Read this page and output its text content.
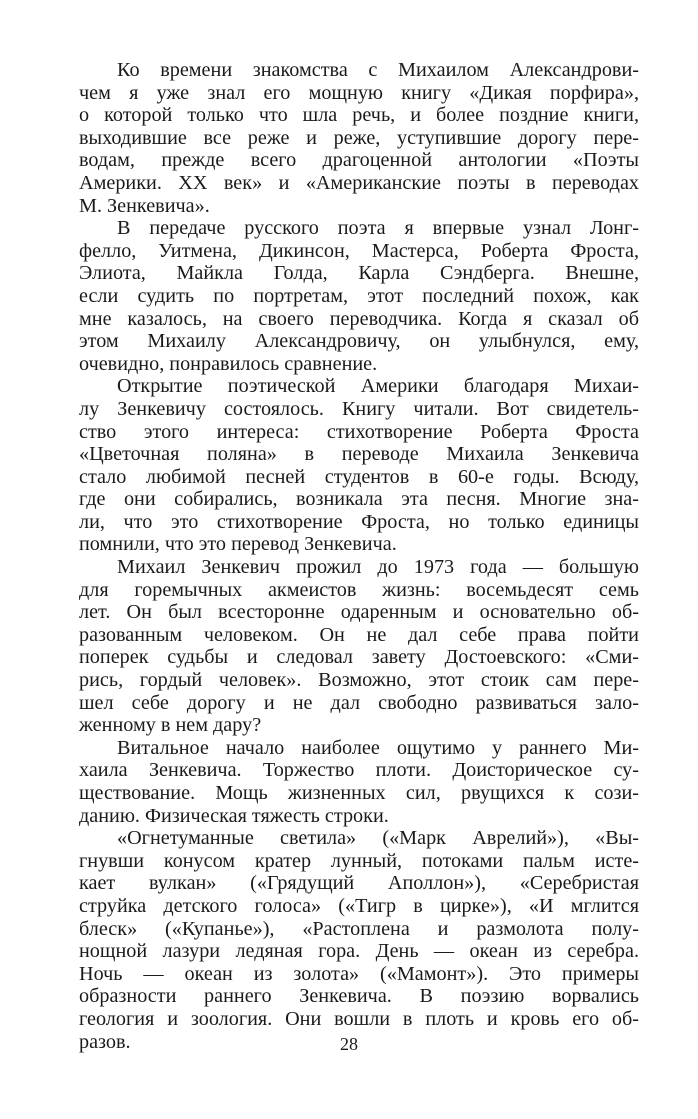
Ко времени знакомства с Михаилом Александрови-
чем я уже знал его мощную книгу «Дикая порфира»,
о которой только что шла речь, и более поздние книги,
выходившие все реже и реже, уступившие дорогу пере-
водам, прежде всего драгоценной антологии «Поэты
Америки. XX век» и «Американские поэты в переводах
М. Зенкевича».
В передаче русского поэта я впервые узнал Лонг-
фелло, Уитмена, Дикинсон, Мастерса, Роберта Фроста,
Элиота, Майкла Голда, Карла Сэндберга. Внешне,
если судить по портретам, этот последний похож, как
мне казалось, на своего переводчика. Когда я сказал об
этом Михаилу Александровичу, он улыбнулся, ему,
очевидно, понравилось сравнение.
Открытие поэтической Америки благодаря Михаи-
лу Зенкевичу состоялось. Книгу читали. Вот свидетель-
ство этого интереса: стихотворение Роберта Фроста
«Цветочная поляна» в переводе Михаила Зенкевича
стало любимой песней студентов в 60-е годы. Всюду,
где они собирались, возникала эта песня. Многие зна-
ли, что это стихотворение Фроста, но только единицы
помнили, что это перевод Зенкевича.
Михаил Зенкевич прожил до 1973 года — большую
для горемычных акмеистов жизнь: восемьдесят семь
лет. Он был всесторонне одаренным и основательно об-
разованным человеком. Он не дал себе права пойти
поперек судьбы и следовал завету Достоевского: «Сми-
рись, гордый человек». Возможно, этот стоик сам пере-
шел себе дорогу и не дал свободно развиваться зало-
женному в нем дару?
Витальное начало наиболее ощутимо у раннего Ми-
хаила Зенкевича. Торжество плоти. Доисторическое су-
ществование. Мощь жизненных сил, рвущихся к сози-
данию. Физическая тяжесть строки.
«Огнетуманные светила» («Марк Аврелий»), «Вы-
гнувши конусом кратер лунный, потоками пальм исте-
кает вулкан» («Грядущий Аполлон»), «Серебристая
струйка детского голоса» («Тигр в цирке»), «И мглится
блеск» («Купанье»), «Растоплена и размолота полу-
нощной лазури ледяная гора. День — океан из серебра.
Ночь — океан из золота» («Мамонт»). Это примеры
образности раннего Зенкевича. В поэзию ворвались
геология и зоология. Они вошли в плоть и кровь его об-
разов.	28
